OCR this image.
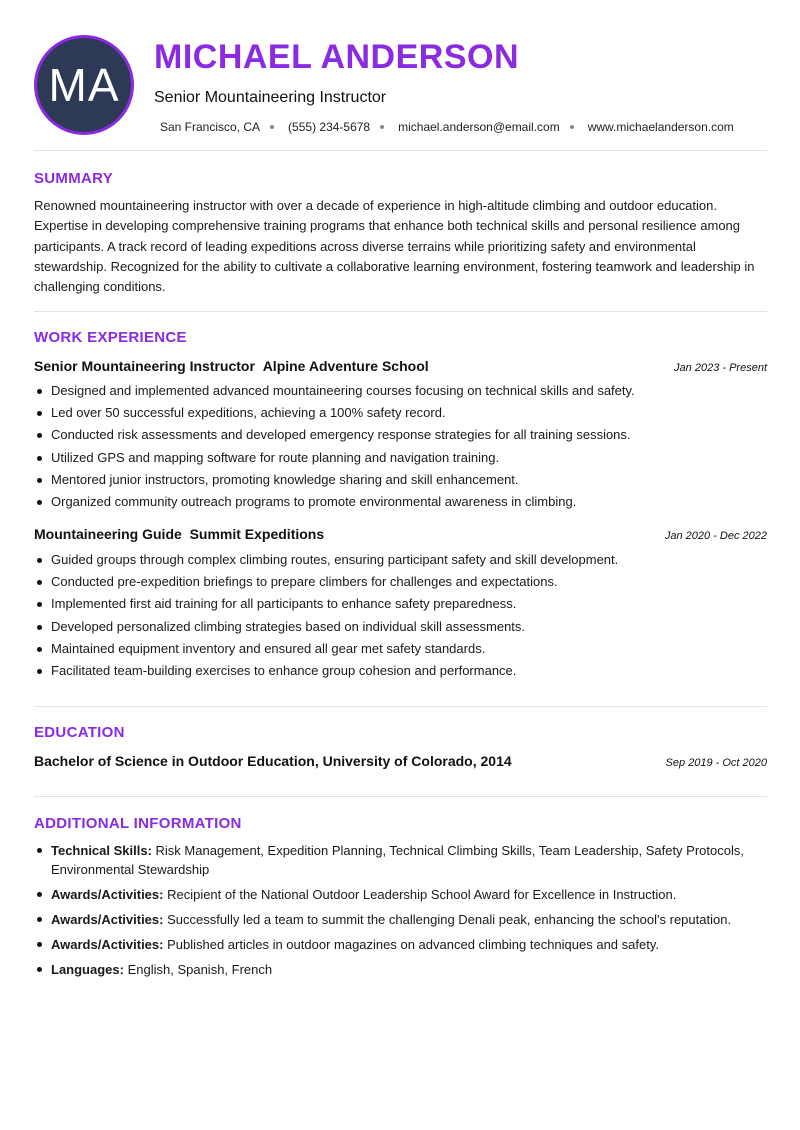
MA
MICHAEL ANDERSON
Senior Mountaineering Instructor
San Francisco, CA (555) 234-5678 michael.anderson@email.com www.michaelanderson.com
SUMMARY
Renowned mountaineering instructor with over a decade of experience in high-altitude climbing and outdoor education. Expertise in developing comprehensive training programs that enhance both technical skills and personal resilience among participants. A track record of leading expeditions across diverse terrains while prioritizing safety and environmental stewardship. Recognized for the ability to cultivate a collaborative learning environment, fostering teamwork and leadership in challenging conditions.
WORK EXPERIENCE
Senior Mountaineering Instructor Alpine Adventure School	Jan 2023 - Present
Designed and implemented advanced mountaineering courses focusing on technical skills and safety.
Led over 50 successful expeditions, achieving a 100% safety record.
Conducted risk assessments and developed emergency response strategies for all training sessions.
Utilized GPS and mapping software for route planning and navigation training.
Mentored junior instructors, promoting knowledge sharing and skill enhancement.
Organized community outreach programs to promote environmental awareness in climbing.
Mountaineering Guide Summit Expeditions	Jan 2020 - Dec 2022
Guided groups through complex climbing routes, ensuring participant safety and skill development.
Conducted pre-expedition briefings to prepare climbers for challenges and expectations.
Implemented first aid training for all participants to enhance safety preparedness.
Developed personalized climbing strategies based on individual skill assessments.
Maintained equipment inventory and ensured all gear met safety standards.
Facilitated team-building exercises to enhance group cohesion and performance.
EDUCATION
Bachelor of Science in Outdoor Education, University of Colorado, 2014	Sep 2019 - Oct 2020
ADDITIONAL INFORMATION
Technical Skills: Risk Management, Expedition Planning, Technical Climbing Skills, Team Leadership, Safety Protocols, Environmental Stewardship
Awards/Activities: Recipient of the National Outdoor Leadership School Award for Excellence in Instruction.
Awards/Activities: Successfully led a team to summit the challenging Denali peak, enhancing the school's reputation.
Awards/Activities: Published articles in outdoor magazines on advanced climbing techniques and safety.
Languages: English, Spanish, French
